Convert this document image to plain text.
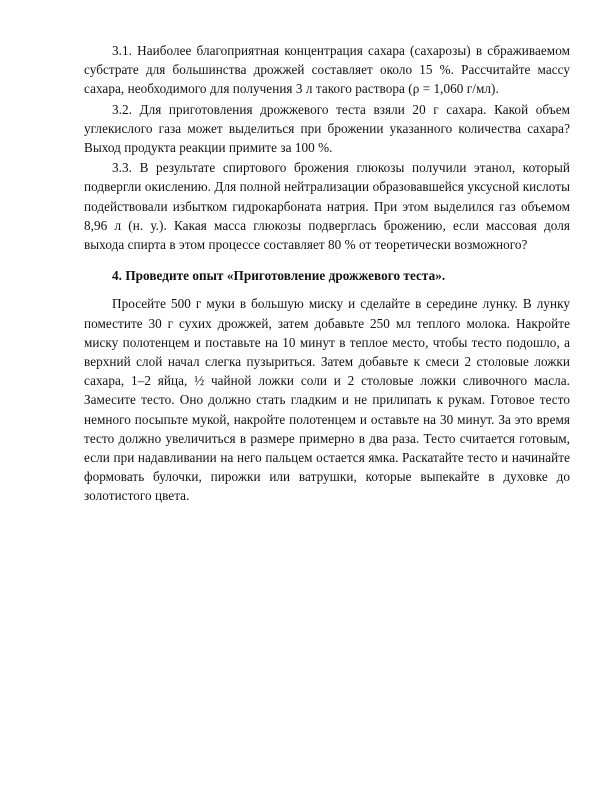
3.1. Наиболее благоприятная концентрация сахара (сахарозы) в сбраживаемом субстрате для большинства дрожжей составляет около 15 %. Рассчитайте массу сахара, необходимого для получения 3 л такого раствора (ρ = 1,060 г/мл).

3.2. Для приготовления дрожжевого теста взяли 20 г сахара. Какой объем углекислого газа может выделиться при брожении указанного количества сахара? Выход продукта реакции примите за 100 %.

3.3. В результате спиртового брожения глюкозы получили этанол, который подвергли окислению. Для полной нейтрализации образовавшейся уксусной кислоты подействовали избытком гидрокарбоната натрия. При этом выделился газ объемом 8,96 л (н. у.). Какая масса глюкозы подверглась брожению, если массовая доля выхода спирта в этом процессе составляет 80 % от теоретически возможного?

4. Проведите опыт «Приготовление дрожжевого теста».

Просейте 500 г муки в большую миску и сделайте в середине лунку. В лунку поместите 30 г сухих дрожжей, затем добавьте 250 мл теплого молока. Накройте миску полотенцем и поставьте на 10 минут в теплое место, чтобы тесто подошло, а верхний слой начал слегка пузыриться. Затем добавьте к смеси 2 столовые ложки сахара, 1–2 яйца, ½ чайной ложки соли и 2 столовые ложки сливочного масла. Замесите тесто. Оно должно стать гладким и не прилипать к рукам. Готовое тесто немного посыпьте мукой, накройте полотенцем и оставьте на 30 минут. За это время тесто должно увеличиться в размере примерно в два раза. Тесто считается готовым, если при надавливании на него пальцем остается ямка. Раскатайте тесто и начинайте формовать булочки, пирожки или ватрушки, которые выпекайте в духовке до золотистого цвета.
